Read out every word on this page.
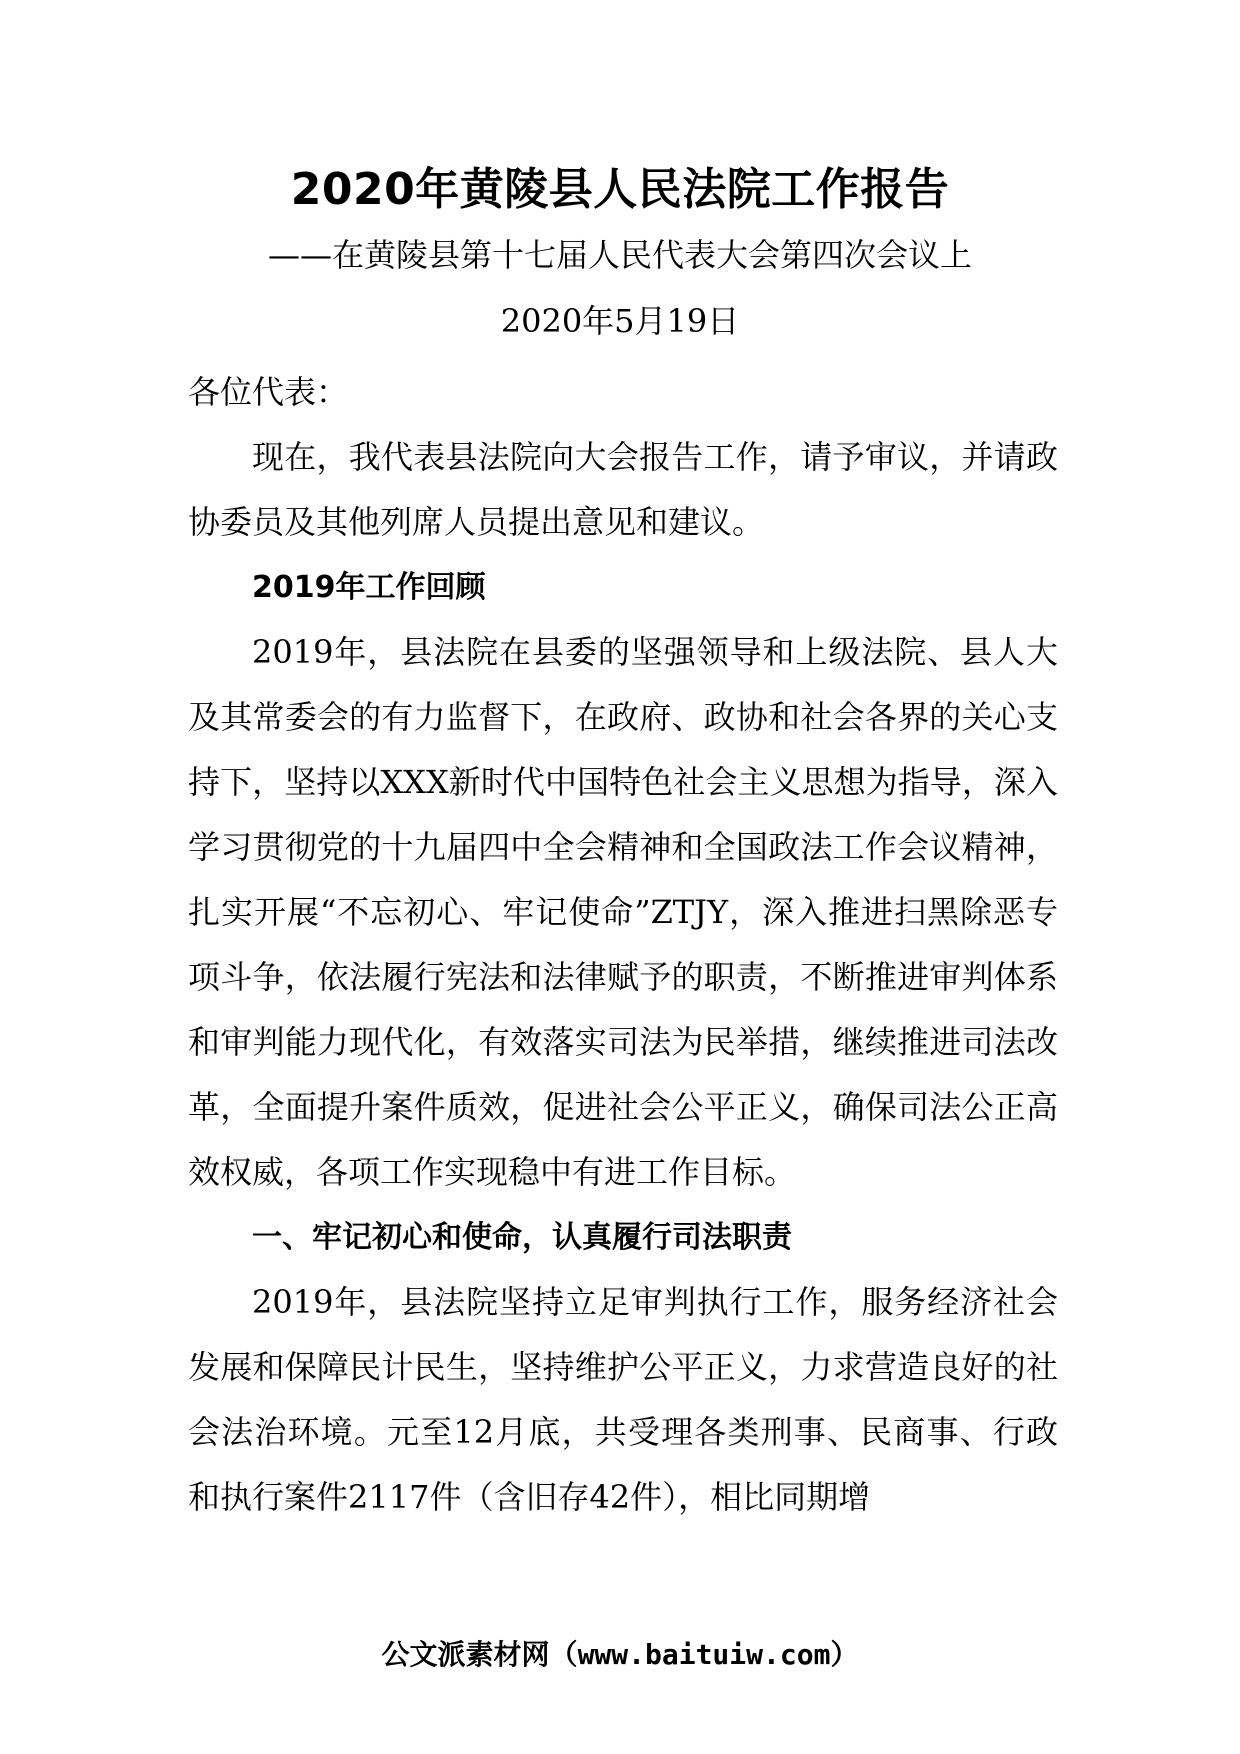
2020年黄陵县人民法院工作报告
——在黄陵县第十七届人民代表大会第四次会议上
2020年5月19日

各位代表：

现在，我代表县法院向大会报告工作，请予审议，并请政协委员及其他列席人员提出意见和建议。

2019年工作回顾

2019年，县法院在县委的坚强领导和上级法院、县人大及其常委会的有力监督下，在政府、政协和社会各界的关心支持下，坚持以XXX新时代中国特色社会主义思想为指导，深入学习贯彻党的十九届四中全会精神和全国政法工作会议精神，扎实开展“不忘初心、牢记使命”ZTJY，深入推进扫黑除恶专项斗争，依法履行宪法和法律赋予的职责，不断推进审判体系和审判能力现代化，有效落实司法为民举措，继续推进司法改革，全面提升案件质效，促进社会公平正义，确保司法公正高效权威，各项工作实现稳中有进工作目标。

一、牢记初心和使命，认真履行司法职责

2019年，县法院坚持立足审判执行工作，服务经济社会发展和保障民计民生，坚持维护公平正义，力求营造良好的社会法治环境。元至12月底，共受理各类刑事、民商事、行政和执行案件2117件（含旧存42件），相比同期增

公文派素材网（www.baituiw.com）
